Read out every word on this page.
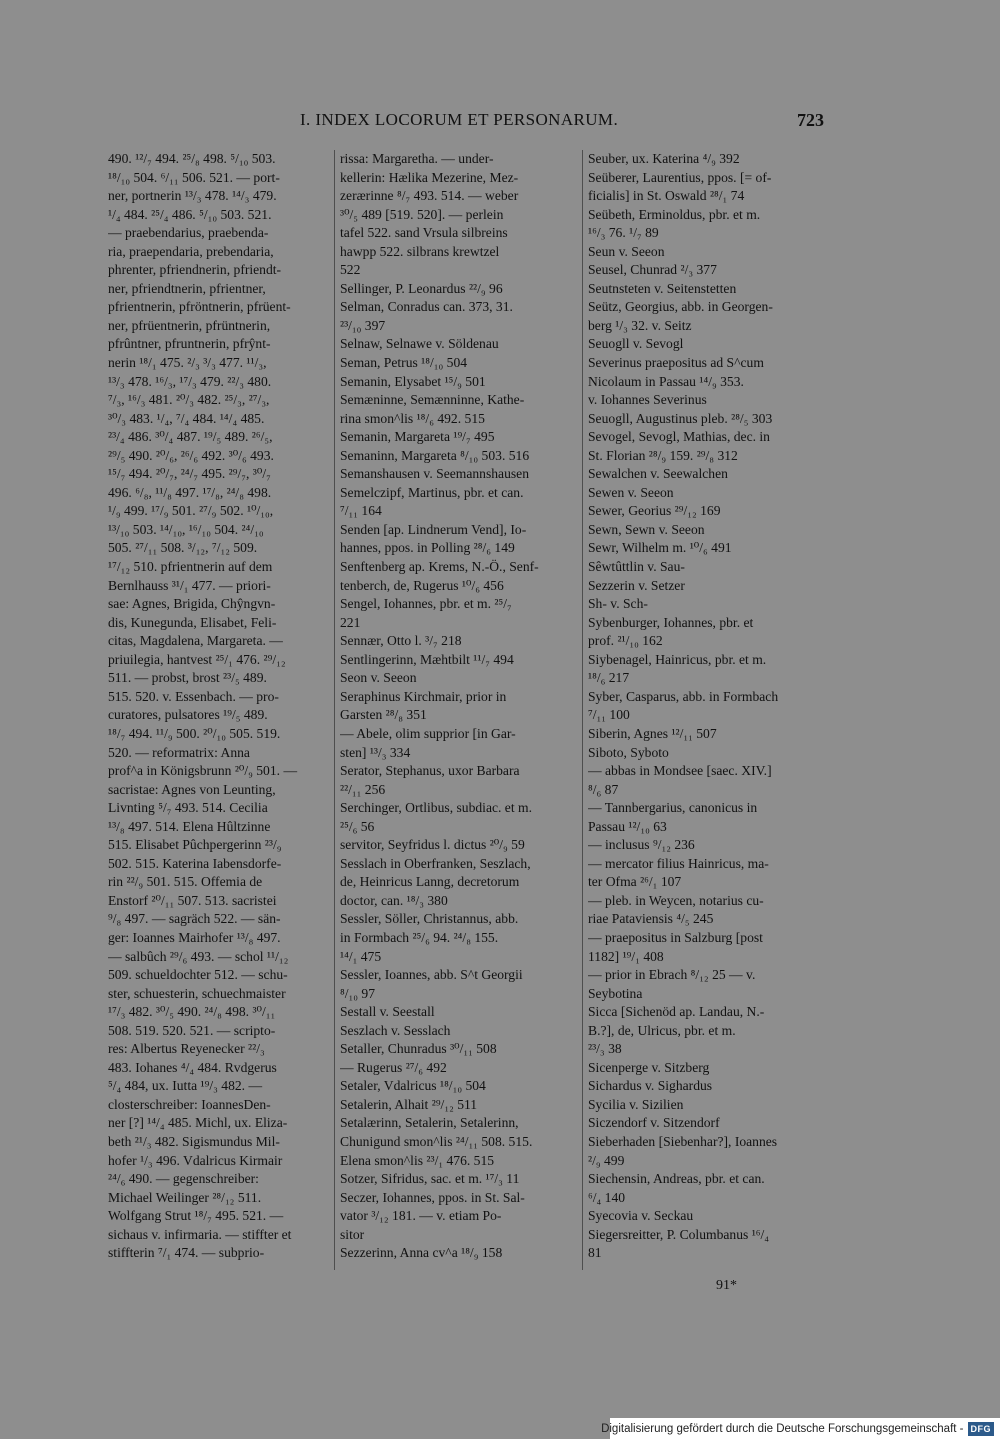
I. INDEX LOCORUM ET PERSONARUM.	723
490. ¹²/₇ 494. ²⁵/₈ 498. ⁵/₁₀ 503.
¹⁸/₁₀ 504. ⁶/₁₁ 506. 521. — port-
ner, portnerin ¹³/₃ 478. ¹⁴/₃ 479.
¹/₄ 484. ²⁵/₄ 486. ⁵/₁₀ 503. 521.
— praebendarius, praebenda-
ria, praependaria, prebendaria,
phrenter, pfriendnerin, pfriendt-
ner, pfriendtnerin, pfrientner,
pfrientnerin, pfröntnerin, pfrüent-
ner, pfrüentnerin, pfrüntnerin,
pfrûntner, pfruntnerin, pfrŷnt-
nerin ¹⁸/₁ 475. ²/₃ ³/₃ 477. ¹¹/₃,
¹³/₃ 478. ¹⁶/₃, ¹⁷/₃ 479. ²²/₃ 480.
⁷/₃, ¹⁶/₃ 481. ²⁰/₃ 482. ²⁵/₃, ²⁷/₃,
³⁰/₃ 483. ¹/₄, ⁷/₄ 484. ¹⁴/₄ 485.
²³/₄ 486. ³⁰/₄ 487. ¹⁹/₅ 489. ²⁶/₅,
²⁹/₅ 490. ²⁰/₆, ²⁶/₆ 492. ³⁰/₆ 493.
¹⁵/₇ 494. ²⁰/₇, ²⁴/₇ 495. ²⁹/₇, ³⁰/₇
496. ⁶/₈, ¹¹/₈ 497. ¹⁷/₈, ²⁴/₈ 498.
¹/₉ 499. ¹⁷/₉ 501. ²⁷/₉ 502. ¹⁰/₁₀,
¹³/₁₀ 503. ¹⁴/₁₀, ¹⁶/₁₀ 504. ²⁴/₁₀
505. ²⁷/₁₁ 508. ³/₁₂, ⁷/₁₂ 509.
¹⁷/₁₂ 510. pfrientnerin auf dem
Bernlhauss ³¹/₁ 477. — priori-
sae: Agnes, Brigida, Chŷngvn-
dis, Kunegunda, Elisabet, Feli-
citas, Magdalena, Margareta. —
priuilegia, hantvest ²⁵/₁ 476. ²⁹/₁₂
511. — probst, brost ²³/₅ 489.
515. 520. v. Essenbach. — pro-
curatores, pulsatores ¹⁹/₅ 489.
¹⁸/₇ 494. ¹¹/₉ 500. ²⁰/₁₀ 505. 519.
520. — reformatrix: Anna
prof^a in Königsbrunn ²⁰/₉ 501. —
sacristae: Agnes von Leunting,
Livnting ⁵/₇ 493. 514. Cecilia
¹³/₈ 497. 514. Elena Hûltzinne
515. Elisabet Pûchpergerinn ²³/₉
502. 515. Katerina Iabensdorfe-
rin ²²/₉ 501. 515. Offemia de
Enstorf ²⁰/₁₁ 507. 513. sacristei
⁹/₈ 497. — sagräch 522. — sän-
ger: Ioannes Mairhofer ¹³/₈ 497.
— salbûch ²⁹/₆ 493. — schol ¹¹/₁₂
509. schueldochter 512. — schu-
ster, schuesterin, schuechmaister
¹⁷/₃ 482. ³⁰/₅ 490. ²⁴/₈ 498. ³⁰/₁₁
508. 519. 520. 521. — scripto-
res: Albertus Reyenecker ²²/₃
483. Iohanes ⁴/₄ 484. Rvdgerus
⁵/₄ 484, ux. Iutta ¹⁹/₃ 482. —
closterschreiber: IoannesDen-
ner [?] ¹⁴/₄ 485. Michl, ux. Eliza-
beth ²¹/₃ 482. Sigismundus Mil-
hofer ¹/₃ 496. Vdalricus Kirmair
²⁴/₆ 490. — gegenschreiber:
Michael Weilinger ²⁸/₁₂ 511.
Wolfgang Strut ¹⁸/₇ 495. 521. —
sichaus v. infirmaria. — stiffter et
stiffterin ⁷/₁ 474. — subprio-
rissa: Margaretha. — under-
kellerin: Hælika Mezerine, Mez-
zerærinne ⁸/₇ 493. 514. — weber
³⁰/₅ 489 [519. 520]. — perlein
tafel 522. sand Vrsula silbreins
hawpp 522. silbrans krewtzel
522
Sellinger, P. Leonardus ²²/₉ 96
Selman, Conradus can. 373, 31.
²³/₁₀ 397
Selnaw, Selnawe v. Söldenau
Seman, Petrus ¹⁸/₁₀ 504
Semanin, Elysabet ¹⁵/₉ 501
Semæninne, Semænninne, Kathe-
rina smon^lis ¹⁸/₆ 492. 515
Semanin, Margareta ¹⁹/₇ 495
Semaninn, Margareta ⁸/₁₀ 503. 516
Semanshausen v. Seemannshausen
Semelczipf, Martinus, pbr. et can.
⁷/₁₁ 164
Senden [ap. Lindnerum Vend], Io-
hannes, ppos. in Polling ²⁸/₆ 149
Senftenberg ap. Krems, N.-Ö., Senf-
tenberch, de, Rugerus ¹⁰/₆ 456
Sengel, Iohannes, pbr. et m. ²⁵/₇
221
Sennær, Otto l. ³/₇ 218
Sentlingerinn, Mæhtbilt ¹¹/₇ 494
Seon v. Seeon
Seraphinus Kirchmair, prior in
Garsten ²⁸/₈ 351
— Abele, olim supprior [in Gar-
sten] ¹³/₃ 334
Serator, Stephanus, uxor Barbara
²²/₁₁ 256
Serchinger, Ortlibus, subdiac. et m.
²⁵/₆ 56
servitor, Seyfridus l. dictus ²⁰/₉ 59
Sesslach in Oberfranken, Seszlach,
de, Heinricus Lanng, decretorum
doctor, can. ¹⁸/₃ 380
Sessler, Söller, Christannus, abb.
in Formbach ²⁵/₆ 94. ²⁴/₈ 155.
¹⁴/₁ 475
Sessler, Ioannes, abb. S^t Georgii
⁸/₁₀ 97
Sestall v. Seestall
Seszlach v. Sesslach
Setaller, Chunradus ³⁰/₁₁ 508
— Rugerus ²⁷/₆ 492
Setaler, Vdalricus ¹⁸/₁₀ 504
Setalerin, Alhait ²⁹/₁₂ 511
Setalærinn, Setalerin, Setalerinn,
Chunigund smon^lis ²⁴/₁₁ 508. 515.
Elena smon^lis ²³/₁ 476. 515
Sotzer, Sifridus, sac. et m. ¹⁷/₃ 11
Seczer, Iohannes, ppos. in St. Sal-
vator ³/₁₂ 181. — v. etiam Po-
sitor
Sezzerinn, Anna cv^a ¹⁸/₉ 158
Seuber, ux. Katerina ⁴/₉ 392
Seüberer, Laurentius, ppos. [= of-
ficialis] in St. Oswald ²⁸/₁ 74
Seübeth, Erminoldus, pbr. et m.
¹⁶/₃ 76. ¹/₇ 89
Seun v. Seeon
Seusel, Chunrad ²/₃ 377
Seutnsteten v. Seitenstetten
Seütz, Georgius, abb. in Georgen-
berg ¹/₃ 32. v. Seitz
Seuogll v. Sevogl
Severinus praepositus ad S^cum
Nicolaum in Passau ¹⁴/₉ 353.
v. Iohannes Severinus
Seuogll, Augustinus pleb. ²⁸/₅ 303
Sevogel, Sevogl, Mathias, dec. in
St. Florian ²⁸/₉ 159. ²⁹/₈ 312
Sewalchen v. Seewalchen
Sewen v. Seeon
Sewer, Georius ²⁹/₁₂ 169
Sewn, Sewn v. Seeon
Sewr, Wilhelm m. ¹⁰/₆ 491
Sêwtûttlin v. Sau-
Sezzerin v. Setzer
Sh- v. Sch-
Sybenburger, Iohannes, pbr. et
prof. ²¹/₁₀ 162
Siybenagel, Hainricus, pbr. et m.
¹⁸/₆ 217
Syber, Casparus, abb. in Formbach
⁷/₁₁ 100
Siberin, Agnes ¹²/₁₁ 507
Siboto, Syboto
— abbas in Mondsee [saec. XIV.]
⁸/₆ 87
— Tannbergarius, canonicus in
Passau ¹²/₁₀ 63
— inclusus ⁹/₁₂ 236
— mercator filius Hainricus, ma-
ter Ofma ²⁶/₁ 107
— pleb. in Weycen, notarius cu-
riae Pataviensis ⁴/₅ 245
— praepositus in Salzburg [post
1182] ¹⁹/₁ 408
— prior in Ebrach ⁸/₁₂ 25 — v.
Seybotina
Sicca [Sichenöd ap. Landau, N.-
B.?], de, Ulricus, pbr. et m.
²³/₃ 38
Sicenperge v. Sitzberg
Sichardus v. Sighardus
Sycilia v. Sizilien
Siczendorf v. Sitzendorf
Sieberhaden [Siebenhar?], Ioannes
²/₉ 499
Siechensin, Andreas, pbr. et can.
⁶/₄ 140
Syecovia v. Seckau
Siegersreitter, P. Columbanus ¹⁶/₄
81
91*
Digitalisierung gefördert durch die Deutsche Forschungsgemeinschaft - DFG
